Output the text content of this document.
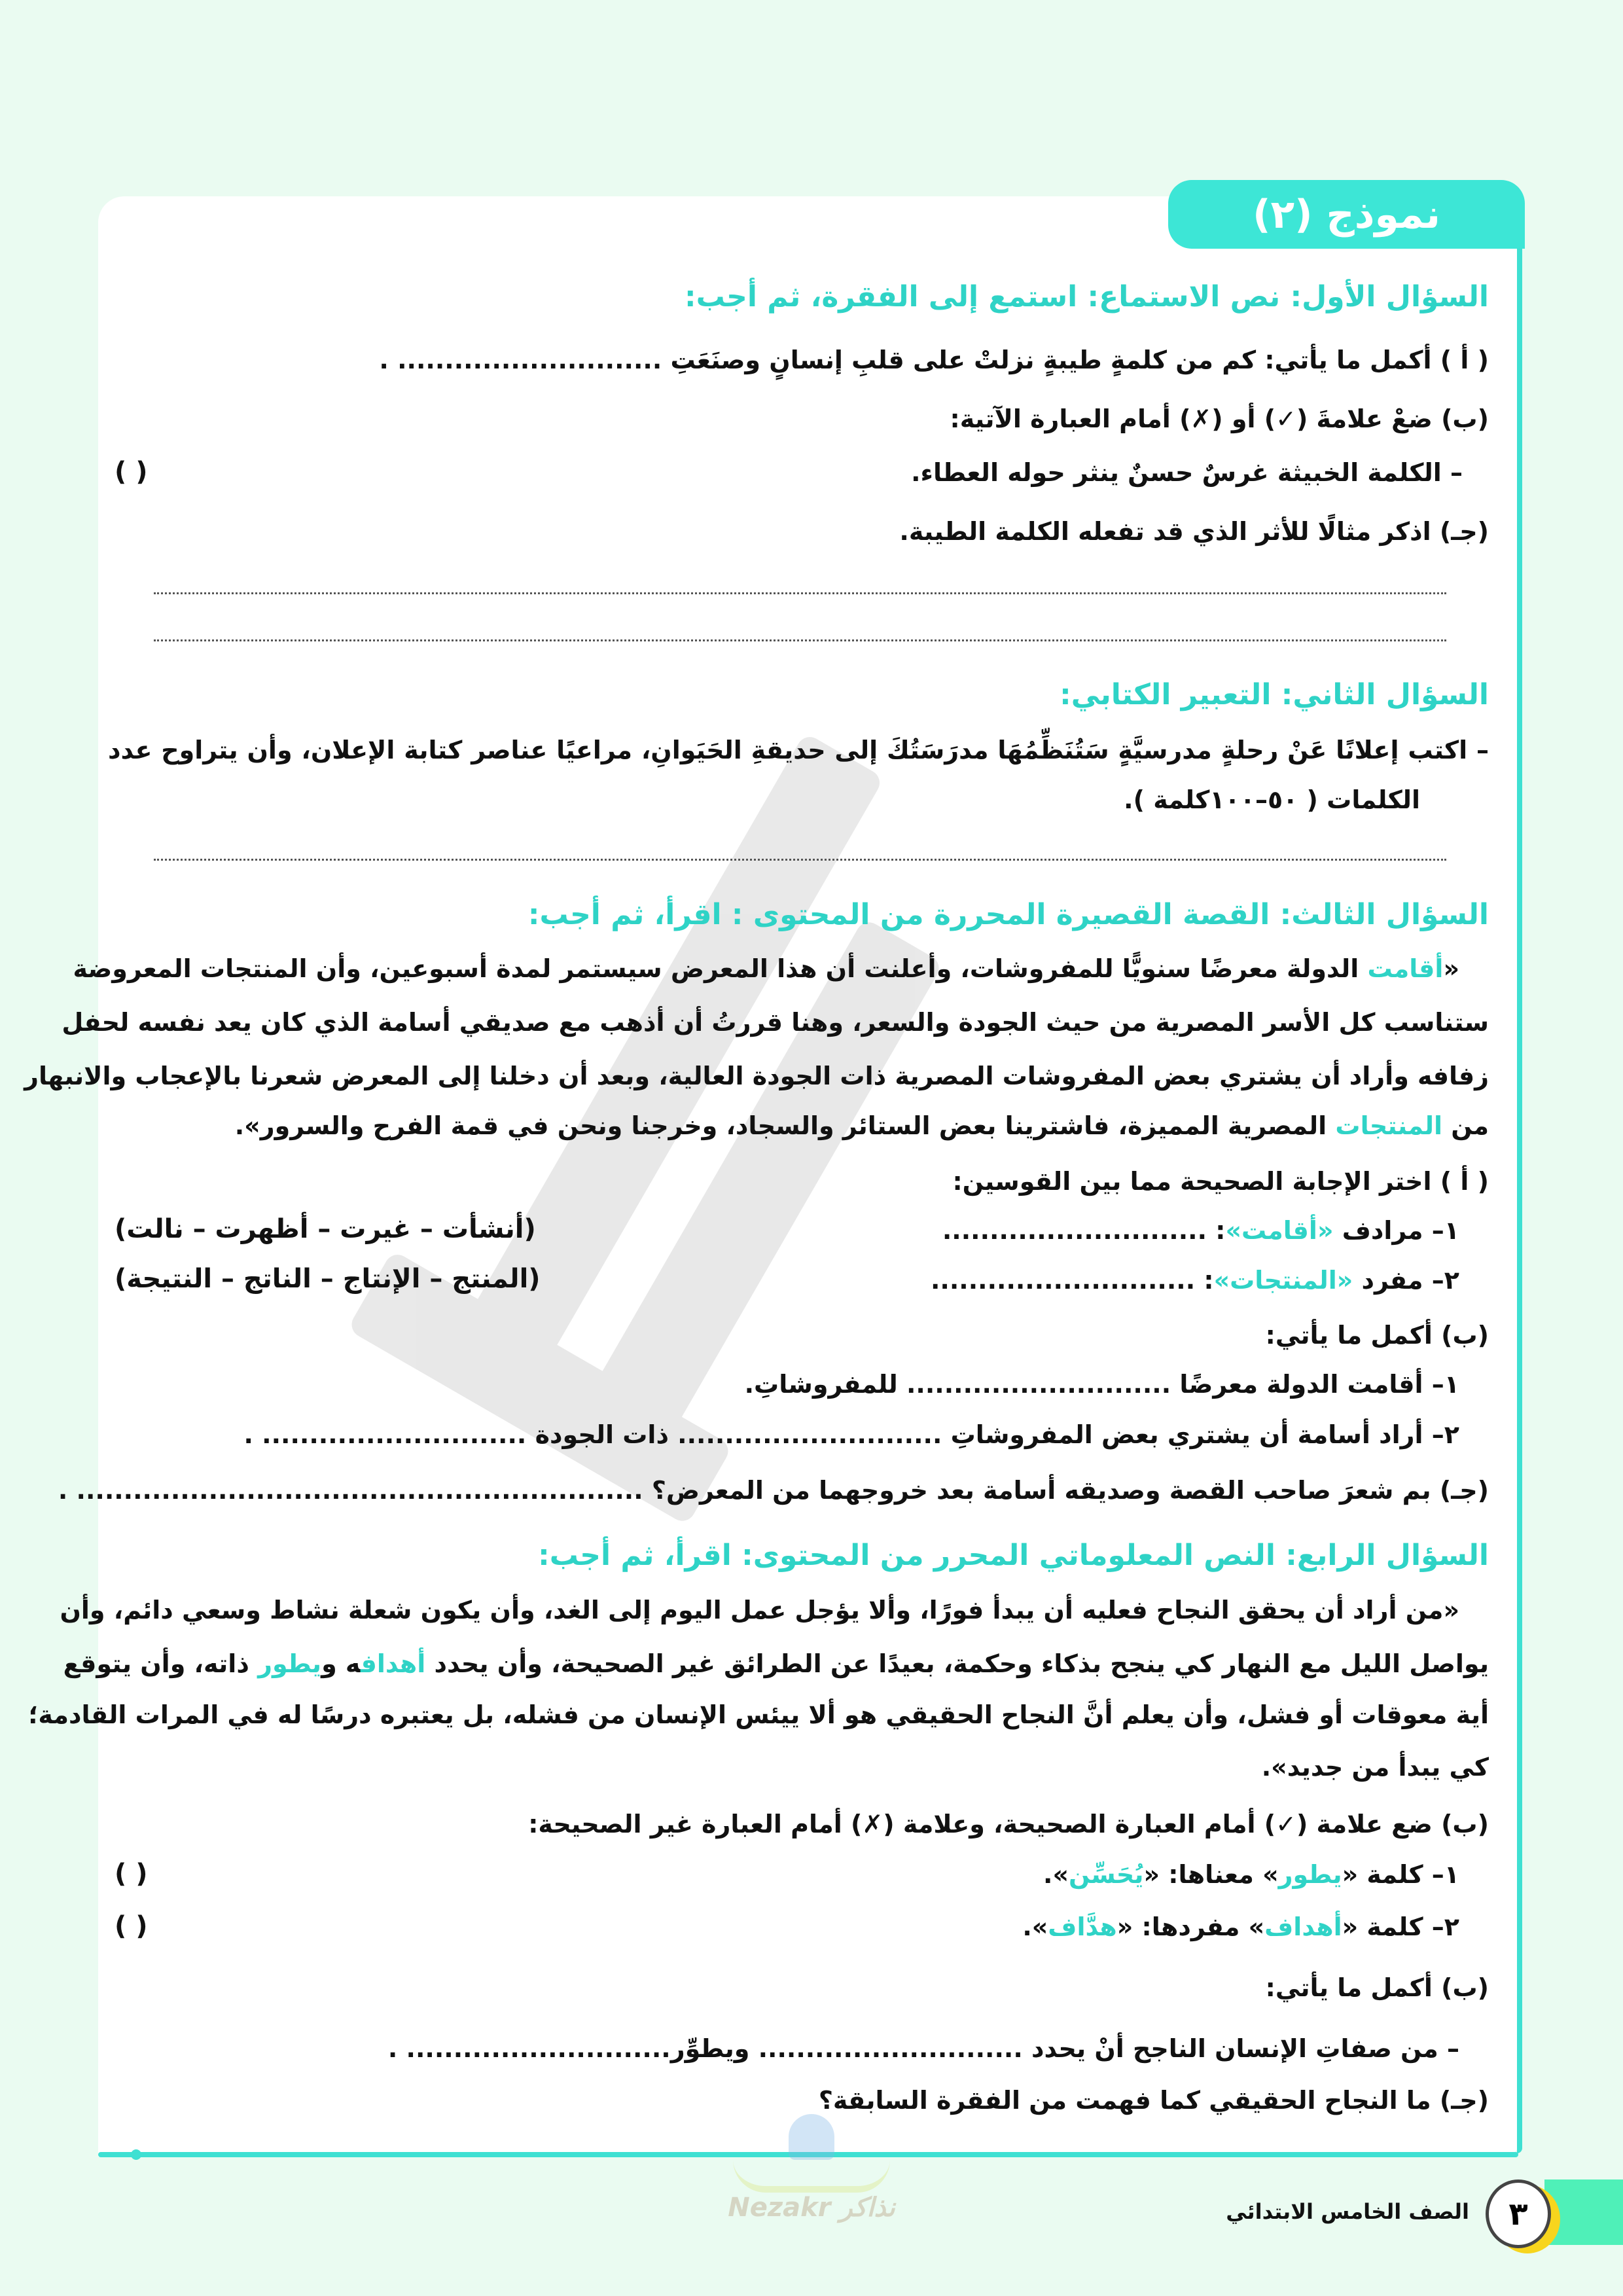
نموذج (٢)
السؤال الأول: نص الاستماع: استمع إلى الفقرة، ثم أجب:
( أ ) أكمل ما يأتي: كم من كلمةٍ طيبةٍ نزلتْ على قلبِ إنسانٍ وصنَعَتِ ............................ .
(ب) ضعْ علامةَ (✓) أو (✗) أمام العبارة الآتية:
– الكلمة الخبيثة غرسٌ حسنٌ ينثر حوله العطاء.
( )
(جـ) اذكر مثالًا للأثر الذي قد تفعله الكلمة الطيبة.
السؤال الثاني: التعبير الكتابي:
– اكتب إعلانًا عَنْ رحلةٍ مدرسيَّةٍ سَتُنَظِّمُهَا مدرَسَتُكَ إلى حديقةِ الحَيَوانِ، مراعيًا عناصر كتابة الإعلان، وأن يتراوح عدد
الكلمات ( ٥٠–١٠٠كلمة ).
السؤال الثالث: القصة القصيرة المحررة من المحتوى : اقرأ، ثم أجب:
«أقامت الدولة معرضًا سنويًّا للمفروشات، وأعلنت أن هذا المعرض سيستمر لمدة أسبوعين، وأن المنتجات المعروضة
ستناسب كل الأسر المصرية من حيث الجودة والسعر، وهنا قررتُ أن أذهب مع صديقي أسامة الذي كان يعد نفسه لحفل
زفافه وأراد أن يشتري بعض المفروشات المصرية ذات الجودة العالية، وبعد أن دخلنا إلى المعرض شعرنا بالإعجاب والانبهار
من المنتجات المصرية المميزة، فاشترينا بعض الستائر والسجاد، وخرجنا ونحن في قمة الفرح والسرور».
( أ ) اختر الإجابة الصحيحة مما بين القوسين:
١– مرادف «أقامت»: ............................
(أنشأت – غيرت – أظهرت – نالت)
٢– مفرد «المنتجات»: ............................
(المنتج – الإنتاج – الناتج – النتيجة)
(ب) أكمل ما يأتي:
١– أقامت الدولة معرضًا ............................ للمفروشاتِ.
٢– أراد أسامة أن يشتري بعض المفروشاتِ ............................ ذات الجودة ............................ .
(جـ) بم شعرَ صاحب القصة وصديقه أسامة بعد خروجهما من المعرض؟ ............................................................ .
السؤال الرابع: النص المعلوماتي المحرر من المحتوى: اقرأ، ثم أجب:
«من أراد أن يحقق النجاح فعليه أن يبدأ فورًا، وألا يؤجل عمل اليوم إلى الغد، وأن يكون شعلة نشاط وسعي دائم، وأن
يواصل الليل مع النهار كي ينجح بذكاء وحكمة، بعيدًا عن الطرائق غير الصحيحة، وأن يحدد أهدافه ويطور ذاته، وأن يتوقع
أية معوقات أو فشل، وأن يعلم أنَّ النجاح الحقيقي هو ألا ييئس الإنسان من فشله، بل يعتبره درسًا له في المرات القادمة؛
كي يبدأ من جديد».
(ب) ضع علامة (✓) أمام العبارة الصحيحة، وعلامة (✗) أمام العبارة غير الصحيحة:
١– كلمة «يطور» معناها: «يُحَسِّن».
( )
٢– كلمة «أهداف» مفردها: «هدَّاف».
( )
(ب) أكمل ما يأتي:
– من صفاتِ الإنسان الناجح أنْ يحدد ............................ ويطوِّر............................ .
(جـ) ما النجاح الحقيقي كما فهمت من الفقرة السابقة؟
Nezakr نذاكر	٣
الصف الخامس الابتدائي
